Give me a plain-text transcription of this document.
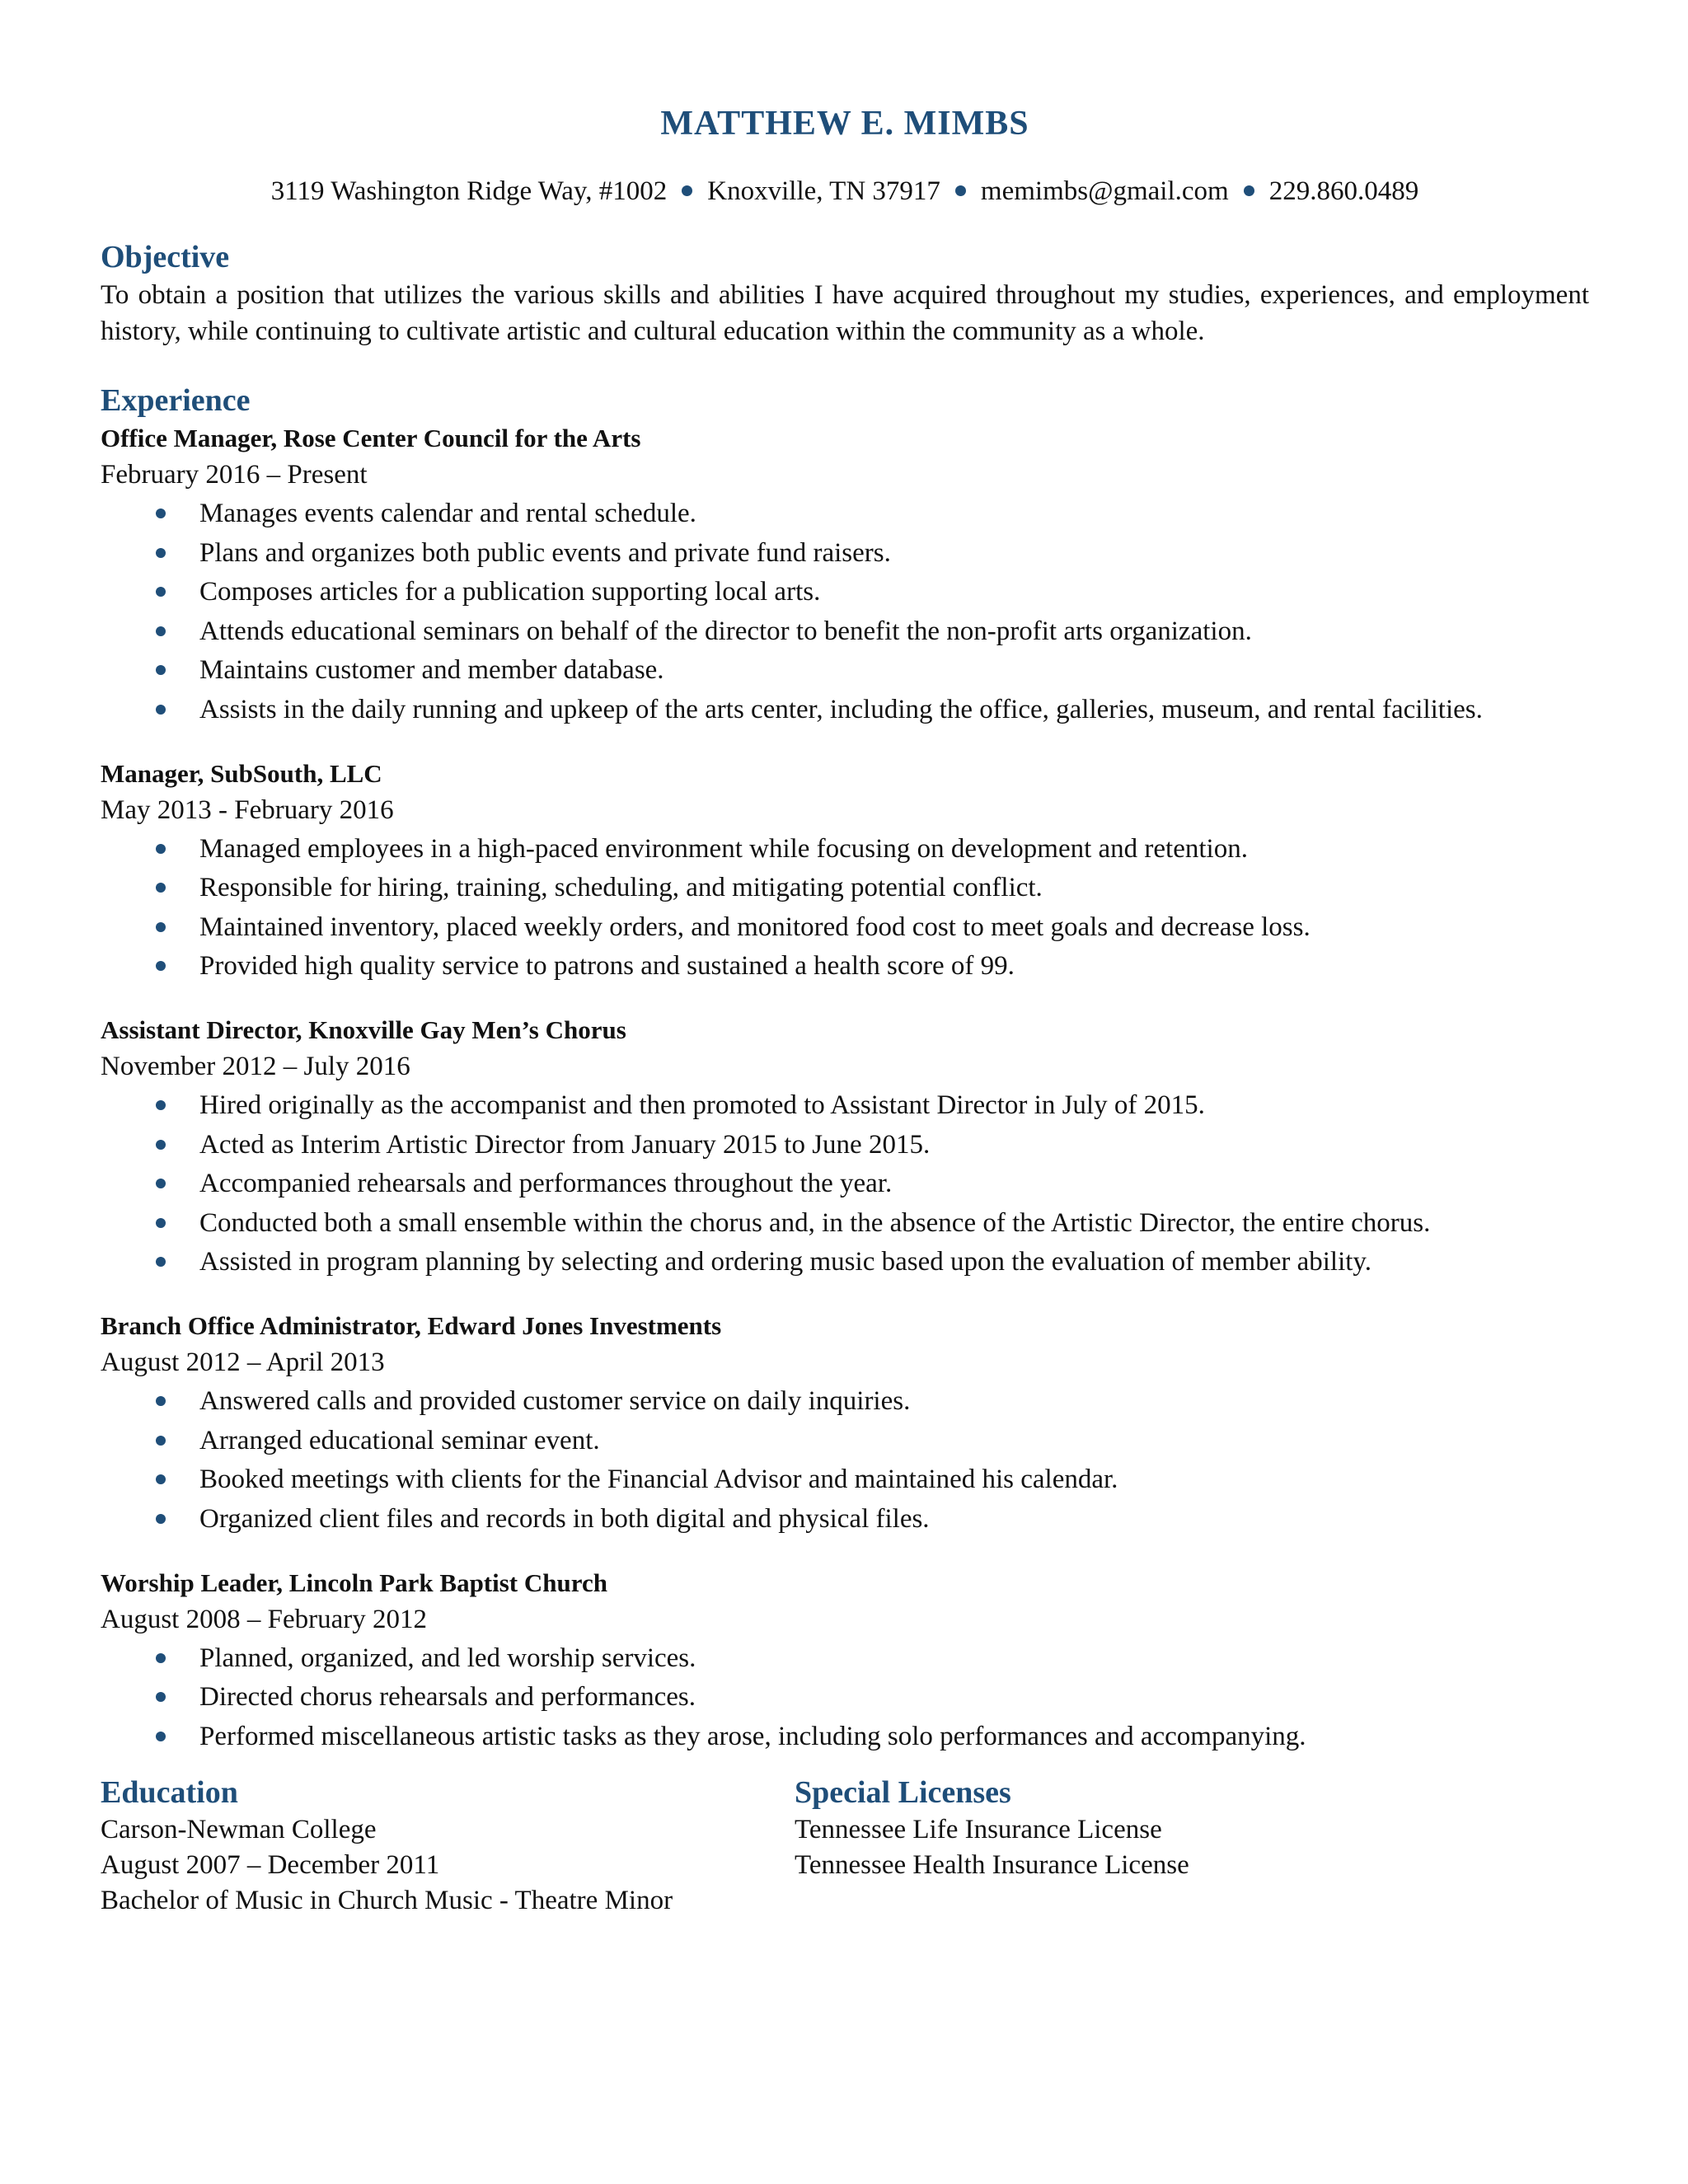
MATTHEW E. MIMBS
3119 Washington Ridge Way, #1002 Knoxville, TN 37917 memimbs@gmail.com 229.860.0489
Objective

To obtain a position that utilizes the various skills and abilities I have acquired throughout my studies, experiences, and employment history, while continuing to cultivate artistic and cultural education within the community as a whole.

Experience

Office Manager, Rose Center Council for the Arts

February 2016 – Present

Manages events calendar and rental schedule.
Plans and organizes both public events and private fund raisers.
Composes articles for a publication supporting local arts.
Attends educational seminars on behalf of the director to benefit the non-profit arts organization.
Maintains customer and member database.
Assists in the daily running and upkeep of the arts center, including the office, galleries, museum, and rental facilities.

Manager, SubSouth, LLC

May 2013 - February 2016

Managed employees in a high-paced environment while focusing on development and retention.
Responsible for hiring, training, scheduling, and mitigating potential conflict.
Maintained inventory, placed weekly orders, and monitored food cost to meet goals and decrease loss.
Provided high quality service to patrons and sustained a health score of 99.

Assistant Director, Knoxville Gay Men’s Chorus

November 2012 – July 2016

Hired originally as the accompanist and then promoted to Assistant Director in July of 2015.
Acted as Interim Artistic Director from January 2015 to June 2015.
Accompanied rehearsals and performances throughout the year.
Conducted both a small ensemble within the chorus and, in the absence of the Artistic Director, the entire chorus.
Assisted in program planning by selecting and ordering music based upon the evaluation of member ability.

Branch Office Administrator, Edward Jones Investments

August 2012 – April 2013

Answered calls and provided customer service on daily inquiries.
Arranged educational seminar event.
Booked meetings with clients for the Financial Advisor and maintained his calendar.
Organized client files and records in both digital and physical files.

Worship Leader, Lincoln Park Baptist Church

August 2008 – February 2012

Planned, organized, and led worship services.
Directed chorus rehearsals and performances.
Performed miscellaneous artistic tasks as they arose, including solo performances and accompanying.
Education

Carson-Newman College

August 2007 – December 2011

Bachelor of Music in Church Music - Theatre Minor

Special Licenses

Tennessee Life Insurance License

Tennessee Health Insurance License
